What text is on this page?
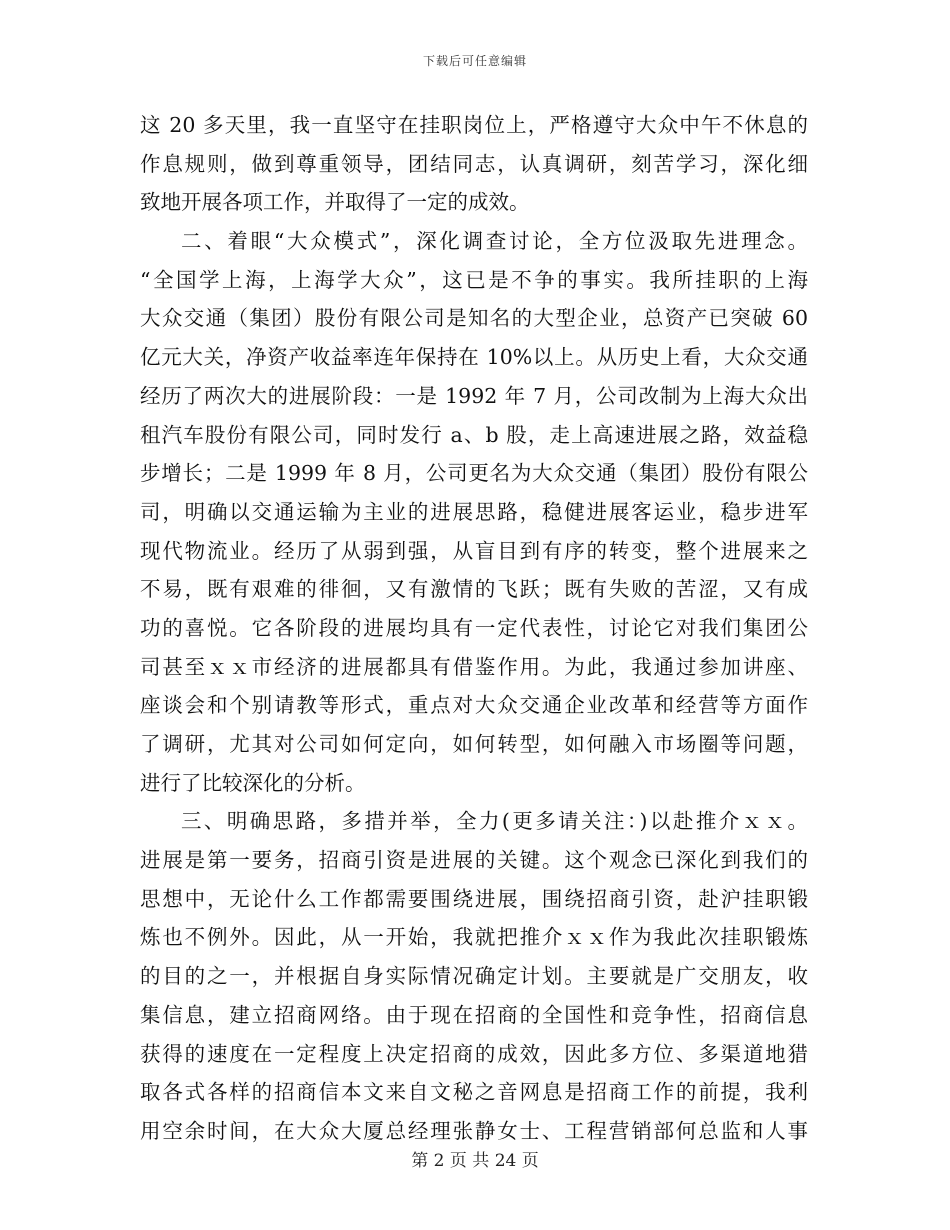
下载后可任意编辑
这 20 多天里，我一直坚守在挂职岗位上，严格遵守大众中午不休息的
作息规则，做到尊重领导，团结同志，认真调研，刻苦学习，深化细
致地开展各项工作，并取得了一定的成效。
二、着眼“大众模式”，深化调查讨论，全方位汲取先进理念。
“全国学上海，上海学大众”，这已是不争的事实。我所挂职的上海
大众交通（集团）股份有限公司是知名的大型企业，总资产已突破 60
亿元大关，净资产收益率连年保持在 10%以上。从历史上看，大众交通
经历了两次大的进展阶段：一是 1992 年 7 月，公司改制为上海大众出
租汽车股份有限公司，同时发行 a、b 股，走上高速进展之路，效益稳
步增长；二是 1999 年 8 月，公司更名为大众交通（集团）股份有限公
司，明确以交通运输为主业的进展思路，稳健进展客运业，稳步进军
现代物流业。经历了从弱到强，从盲目到有序的转变，整个进展来之
不易，既有艰难的徘徊，又有激情的飞跃；既有失败的苦涩，又有成
功的喜悦。它各阶段的进展均具有一定代表性，讨论它对我们集团公
司甚至ｘｘ市经济的进展都具有借鉴作用。为此，我通过参加讲座、
座谈会和个别请教等形式，重点对大众交通企业改革和经营等方面作
了调研，尤其对公司如何定向，如何转型，如何融入市场圈等问题，
进行了比较深化的分析。
三、明确思路，多措并举，全力(更多请关注：)以赴推介ｘｘ。
进展是第一要务，招商引资是进展的关键。这个观念已深化到我们的
思想中，无论什么工作都需要围绕进展，围绕招商引资，赴沪挂职锻
炼也不例外。因此，从一开始，我就把推介ｘｘ作为我此次挂职锻炼
的目的之一，并根据自身实际情况确定计划。主要就是广交朋友，收
集信息，建立招商网络。由于现在招商的全国性和竞争性，招商信息
获得的速度在一定程度上决定招商的成效，因此多方位、多渠道地猎
取各式各样的招商信本文来自文秘之音网息是招商工作的前提，我利
用空余时间，在大众大厦总经理张静女士、工程营销部何总监和人事
第 2 页 共 24 页
